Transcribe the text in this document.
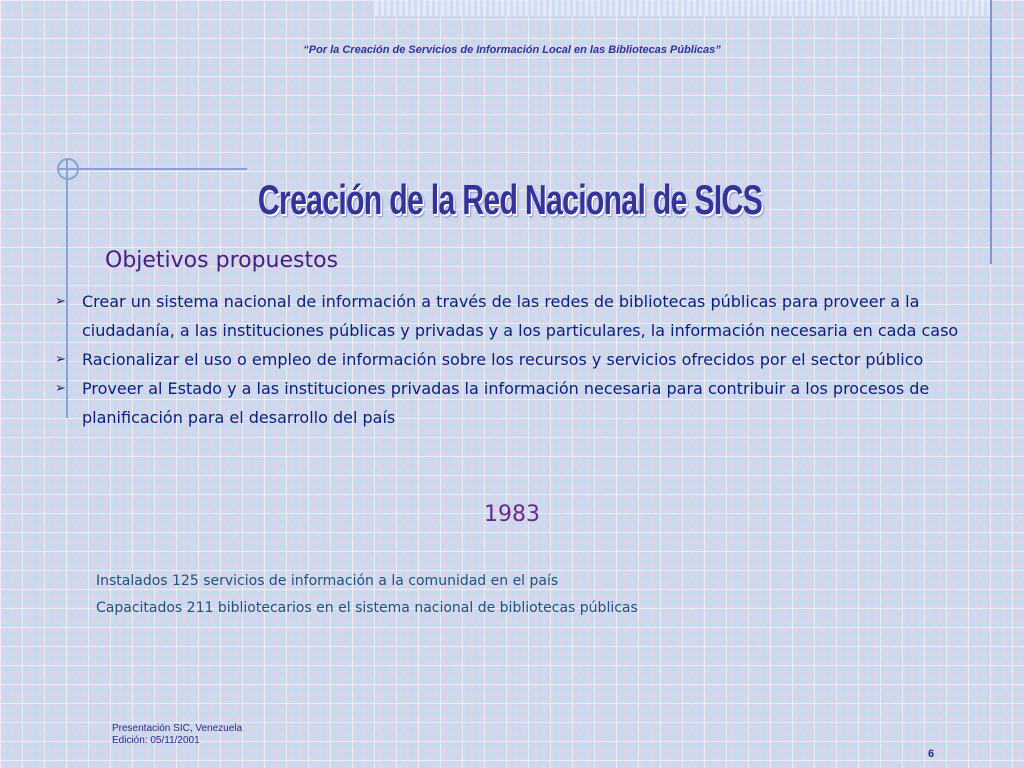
“Por la Creación de Servicios de Información Local en las Bibliotecas Públicas”
Creación de la Red Nacional de SICS
Objetivos propuestos
➢ Crear un sistema nacional de información a través de las redes de bibliotecas públicas para proveer a la ciudadanía, a las instituciones públicas y privadas y a los particulares, la información necesaria en cada caso
➢ Racionalizar el uso o empleo de información sobre los recursos y servicios ofrecidos por el sector público
➢ Proveer al Estado y a las instituciones privadas la información necesaria para contribuir a los procesos de planificación para el desarrollo del país
1983
Instalados 125 servicios de información a la comunidad en el país
Capacitados 211 bibliotecarios en el sistema nacional de bibliotecas públicas
Presentación SIC, Venezuela
Edición: 05/11/2001
6
